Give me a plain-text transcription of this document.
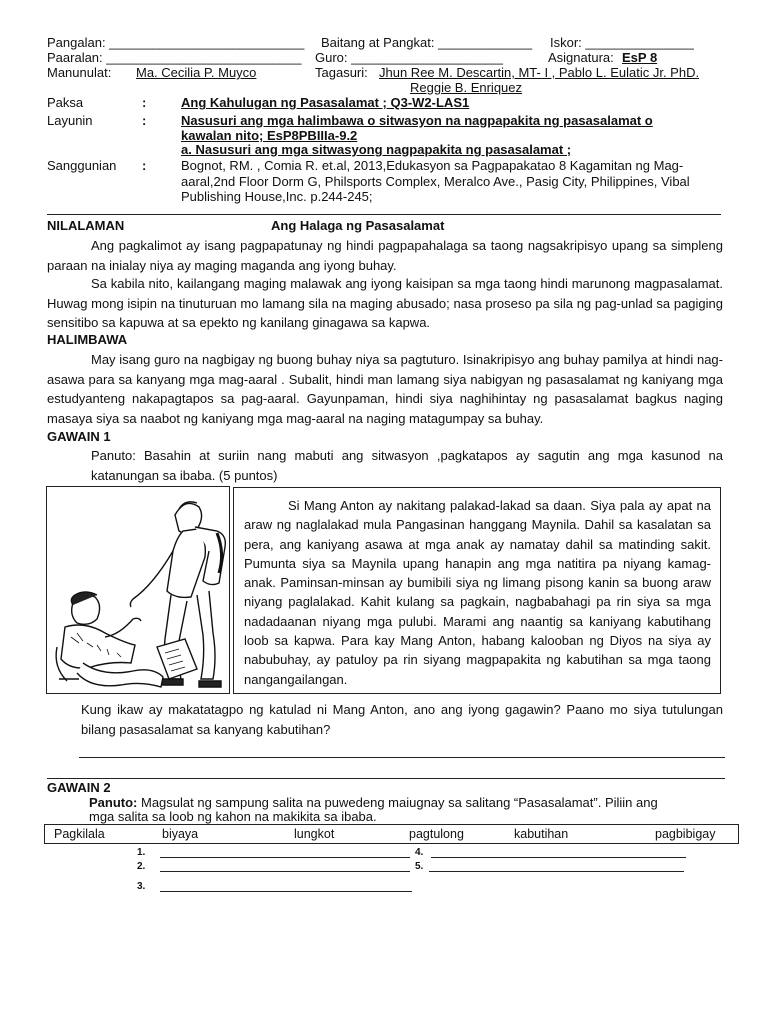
Pangalan: ___________________________ Baitang at Pangkat: _____________ Iskor: _______________
Paaralan: ___________________________ Guro: _____________________	Asignatura: EsP 8
Manunulat: Ma. Cecilia P. Muyco	Tagasuri: Jhun Ree M. Descartin, MT- I , Pablo L. Eulatic Jr. PhD.
Reggie B. Enriquez
Paksa	:	Ang Kahulugan ng Pasasalamat ; Q3-W2-LAS1
Layunin	:	Nasusuri ang mga halimbawa o sitwasyon na nagpapakita ng pasasalamat o
kawalan nito; EsP8PBIIIa-9.2
a. Nasusuri ang mga sitwasyong nagpapakita ng pasasalamat ;
Sanggunian :	Bognot, RM. , Comia R. et.al, 2013,Edukasyon sa Pagpapakatao 8 Kagamitan ng Mag-
aaral,2nd Floor Dorm G, Philsports Complex, Meralco Ave., Pasig City, Philippines, Vibal
Publishing House,Inc. p.244-245;
NILALAMAN	Ang Halaga ng Pasasalamat
Ang pagkalimot ay isang pagpapatunay ng hindi pagpapahalaga sa taong nagsakripisyo upang sa simpleng paraan na inialay niya ay maging maganda ang iyong buhay.
Sa kabila nito, kailangang maging malawak ang iyong kaisipan sa mga taong hindi marunong magpasalamat. Huwag mong isipin na tinuturuan mo lamang sila na maging abusado; nasa proseso pa sila ng pag-unlad sa pagiging sensitibo sa kapuwa at sa epekto ng kanilang ginagawa sa kapwa.
HALIMBAWA
May isang guro na nagbigay ng buong buhay niya sa pagtuturo. Isinakripisyo ang buhay pamilya at hindi nag-asawa para sa kanyang mga mag-aaral . Subalit, hindi man lamang siya nabigyan ng pasasalamat ng kaniyang mga estudyanteng nakapagtapos sa pag-aaral. Gayunpaman, hindi siya naghihintay ng pasasalamat bagkus naging masaya siya sa naabot ng kaniyang mga mag-aaral na naging matagumpay sa buhay.
GAWAIN 1
Panuto: Basahin at suriin nang mabuti ang sitwasyon ,pagkatapos ay sagutin ang mga kasunod na katanungan sa ibaba. (5 puntos)
Si Mang Anton ay nakitang palakad-lakad sa daan. Siya pala ay apat na araw ng naglalakad mula Pangasinan hanggang Maynila. Dahil sa kasalatan sa pera, ang kaniyang asawa at mga anak ay namatay dahil sa matinding sakit. Pumunta siya sa Maynila upang hanapin ang mga natitira pa niyang kamag-anak. Paminsan-minsan ay bumibili siya ng limang pisong kanin sa buong araw niyang paglalakad. Kahit kulang sa pagkain, nagbabahagi pa rin siya sa mga nadadaanan niyang mga pulubi. Marami ang naantig sa kaniyang kabutihang loob sa kapwa. Para kay Mang Anton, habang kalooban ng Diyos na siya ay nabubuhay, ay patuloy pa rin siyang magpapakita ng kabutihan sa mga taong nangangailangan.
Kung ikaw ay makatatagpo ng katulad ni Mang Anton, ano ang iyong gagawin? Paano mo siya tutulungan bilang pasasalamat sa kanyang kabutihan?
GAWAIN 2
Panuto: Magsulat ng sampung salita na puwedeng maiugnay sa salitang “Pasasalamat”. Piliin ang
mga salita sa loob ng kahon na makikita sa ibaba.
Pagkilala	biyaya	lungkot	pagtulong	kabutihan	pagbibigay
1.	4.
2.	5.
3.
